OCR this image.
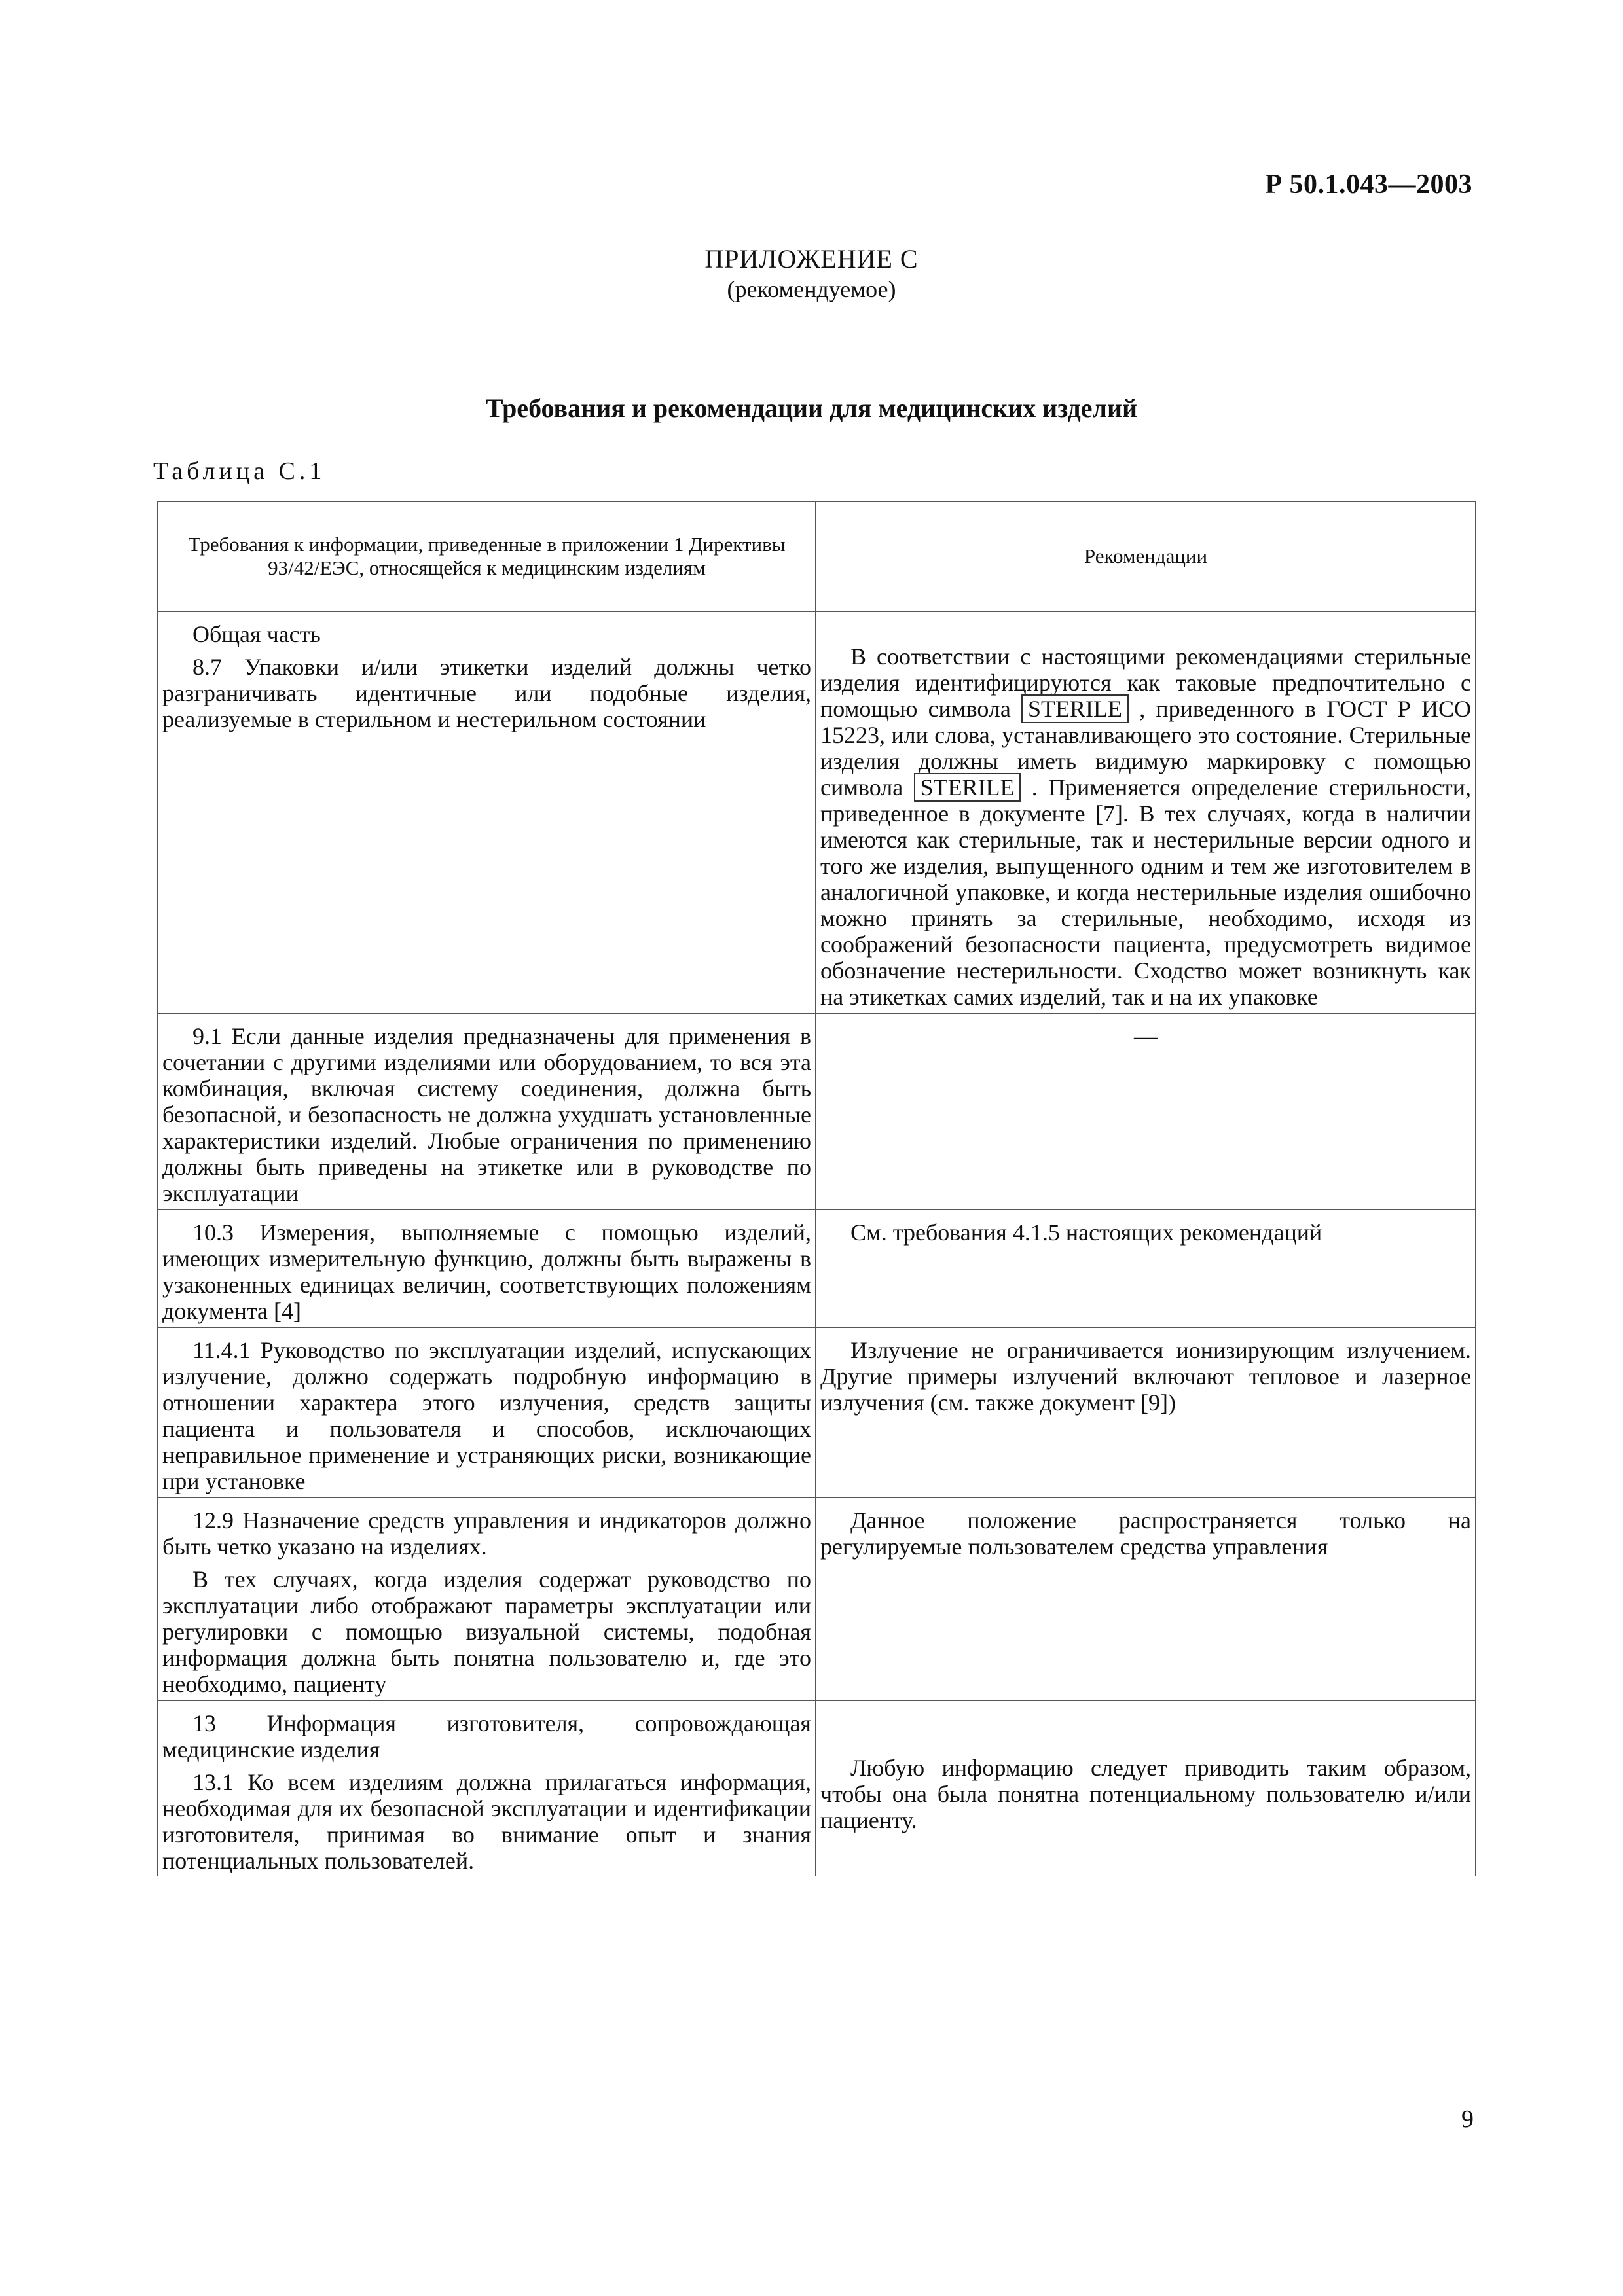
Р 50.1.043—2003
ПРИЛОЖЕНИЕ С
(рекомендуемое)
Требования и рекомендации для медицинских изделий
Таблица С.1
Требования к информации, приведенные в приложении 1 Директивы 93/42/ЕЭС, относящейся к медицинским изделиям	Рекомендации

Общая часть

8.7 Упаковки и/или этикетки изделий должны четко разграничивать идентичные или подобные изделия, реализуемые в стерильном и нестерильном состоянии	В соответствии с настоящими рекомендациями стерильные изделия идентифицируются как таковые предпочтительно с помощью символа STERILE , приведенного в ГОСТ Р ИСО 15223, или слова, устанавливающего это состояние. Стерильные изделия должны иметь видимую маркировку с помощью символа STERILE . Применяется определение стерильности, приведенное в документе [7]. В тех случаях, когда в наличии имеются как стерильные, так и нестерильные версии одного и того же изделия, выпущенного одним и тем же изготовителем в аналогичной упаковке, и когда нестерильные изделия ошибочно можно принять за стерильные, необходимо, исходя из соображений безопасности пациента, предусмотреть видимое обозначение нестерильности. Сходство может возникнуть как на этикетках самих изделий, так и на их упаковке

9.1 Если данные изделия предназначены для применения в сочетании с другими изделиями или оборудованием, то вся эта комбинация, включая систему соединения, должна быть безопасной, и безопасность не должна ухудшать установленные характеристики изделий. Любые ограничения по применению должны быть приведены на этикетке или в руководстве по эксплуатации	—

10.3 Измерения, выполняемые с помощью изделий, имеющих измерительную функцию, должны быть выражены в узаконенных единицах величин, соответствующих положениям документа [4]	См. требования 4.1.5 настоящих рекомендаций

11.4.1 Руководство по эксплуатации изделий, испускающих излучение, должно содержать подробную информацию в отношении характера этого излучения, средств защиты пациента и пользователя и способов, исключающих неправильное применение и устраняющих риски, возникающие при установке	Излучение не ограничивается ионизирующим излучением. Другие примеры излучений включают тепловое и лазерное излучения (см. также документ [9])

12.9 Назначение средств управления и индикаторов должно быть четко указано на изделиях.

В тех случаях, когда изделия содержат руководство по эксплуатации либо отображают параметры эксплуатации или регулировки с помощью визуальной системы, подобная информация должна быть понятна пользователю и, где это необходимо, пациенту	Данное положение распространяется только на регулируемые пользователем средства управления

13 Информация изготовителя, сопровождающая медицинские изделия

13.1 Ко всем изделиям должна прилагаться информация, необходимая для их безопасной эксплуатации и идентификации изготовителя, принимая во внимание опыт и знания потенциальных пользователей.	Любую информацию следует приводить таким образом, чтобы она была понятна потенциальному пользователю и/или пациенту.

9
